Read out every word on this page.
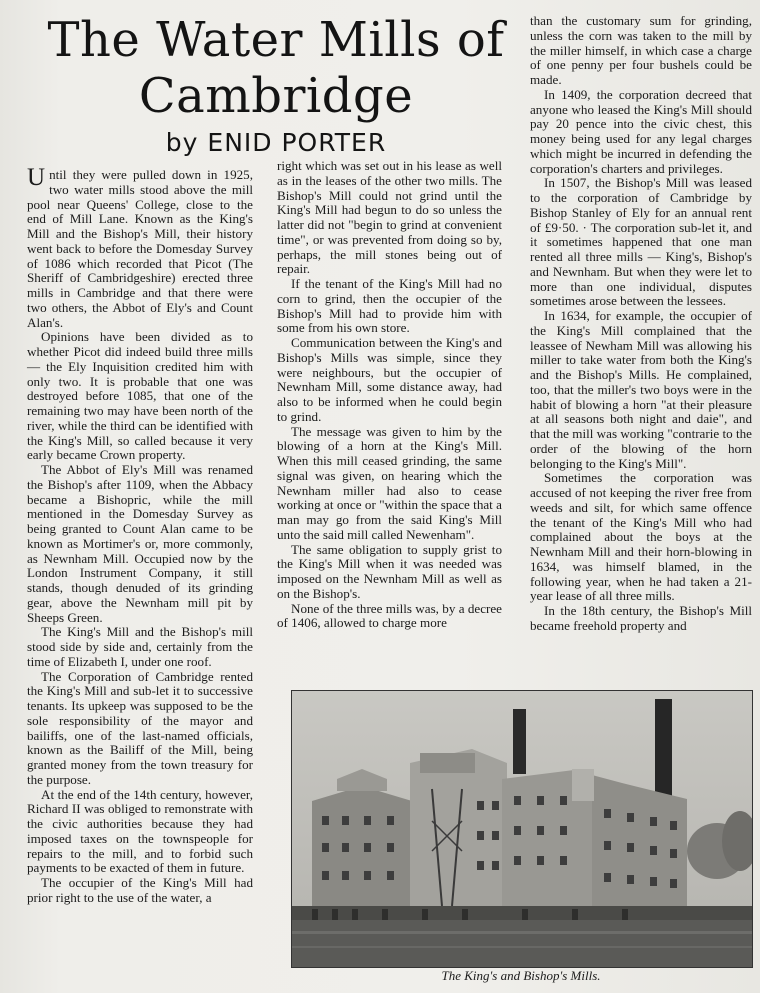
The Water Mills of
Cambridge
by ENID PORTER

Until they were pulled down in 1925, two water mills stood above the mill pool near Queens' College, close to the end of Mill Lane. Known as the King's Mill and the Bishop's Mill, their history went back to before the Domesday Survey of 1086 which recorded that Picot (The Sheriff of Cambridgeshire) erected three mills in Cambridge and that there were two others, the Abbot of Ely's and Count Alan's.

Opinions have been divided as to whether Picot did indeed build three mills — the Ely Inquisition credited him with only two. It is probable that one was destroyed before 1085, that one of the remaining two may have been north of the river, while the third can be identified with the King's Mill, so called because it very early became Crown property.

The Abbot of Ely's Mill was renamed the Bishop's after 1109, when the Abbacy became a Bishopric, while the mill mentioned in the Domesday Survey as being granted to Count Alan came to be known as Mortimer's or, more commonly, as Newnham Mill. Occupied now by the London Instrument Company, it still stands, though denuded of its grinding gear, above the Newnham mill pit by Sheeps Green.

The King's Mill and the Bishop's mill stood side by side and, certainly from the time of Elizabeth I, under one roof.

The Corporation of Cambridge rented the King's Mill and sub-let it to successive tenants. Its upkeep was supposed to be the sole responsibility of the mayor and bailiffs, one of the last-named officials, known as the Bailiff of the Mill, being granted money from the town treasury for the purpose.

At the end of the 14th century, however, Richard II was obliged to remonstrate with the civic authorities because they had imposed taxes on the townspeople for repairs to the mill, and to forbid such payments to be exacted of them in future.

The occupier of the King's Mill had prior right to the use of the water, a

right which was set out in his lease as well as in the leases of the other two mills. The Bishop's Mill could not grind until the King's Mill had begun to do so unless the latter did not "begin to grind at convenient time", or was prevented from doing so by, perhaps, the mill stones being out of repair.

If the tenant of the King's Mill had no corn to grind, then the occupier of the Bishop's Mill had to provide him with some from his own store.

Communication between the King's and Bishop's Mills was simple, since they were neighbours, but the occupier of Newnham Mill, some distance away, had also to be informed when he could begin to grind.

The message was given to him by the blowing of a horn at the King's Mill. When this mill ceased grinding, the same signal was given, on hearing which the Newnham miller had also to cease working at once or "within the space that a man may go from the said King's Mill unto the said mill called Newenham".

The same obligation to supply grist to the King's Mill when it was needed was imposed on the Newnham Mill as well as on the Bishop's.

None of the three mills was, by a decree of 1406, allowed to charge more

than the customary sum for grinding, unless the corn was taken to the mill by the miller himself, in which case a charge of one penny per four bushels could be made.

In 1409, the corporation decreed that anyone who leased the King's Mill should pay 20 pence into the civic chest, this money being used for any legal charges which might be incurred in defending the corporation's charters and privileges.

In 1507, the Bishop's Mill was leased to the corporation of Cambridge by Bishop Stanley of Ely for an annual rent of £9·50. · The corporation sub-let it, and it sometimes happened that one man rented all three mills — King's, Bishop's and Newnham. But when they were let to more than one individual, disputes sometimes arose between the lessees.

In 1634, for example, the occupier of the King's Mill complained that the leassee of Newham Mill was allowing his miller to take water from both the King's and the Bishop's Mills. He complained, too, that the miller's two boys were in the habit of blowing a horn "at their pleasure at all seasons both night and daie", and that the mill was working "contrarie to the order of the blowing of the horn belonging to the King's Mill".

Sometimes the corporation was accused of not keeping the river free from weeds and silt, for which same offence the tenant of the King's Mill who had complained about the boys at the Newnham Mill and their horn-blowing in 1634, was himself blamed, in the following year, when he had taken a 21-year lease of all three mills.

In the 18th century, the Bishop's Mill became freehold property and

The King's and Bishop's Mills.
